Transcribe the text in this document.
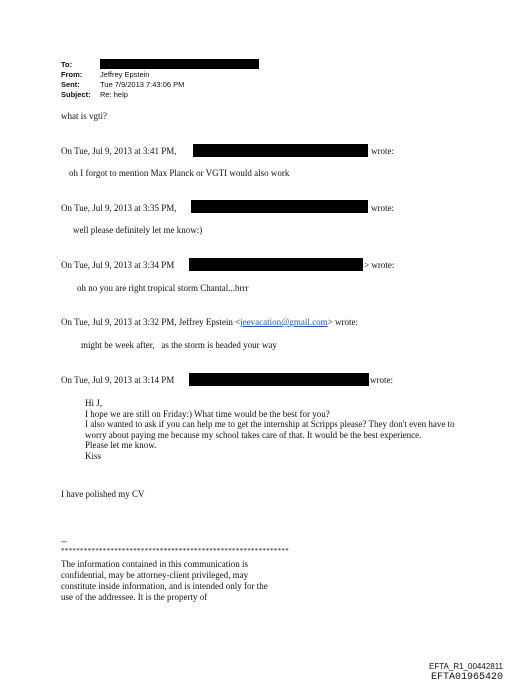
To:
From: Jeffrey Epstein
Sent:	Tue 7/9/2013 7:43:06 PM
Subject: Re: help
what is vgti?
On Tue, Jul 9, 2013 at 3:41 PM,	wrote:
oh I forgot to mention Max Planck or VGTI would also work
On Tue, Jul 9, 2013 at 3:35 PM,	wrote:
well please definitely let me know:)
On Tue, Jul 9, 2013 at 3:34 PM	> wrote:
oh no you are right tropical storm Chantal...brrr
On Tue, Jul 9, 2013 at 3:32 PM, Jeffrey Epstein <jeevacation@gmail.com> wrote:
might be week after,   as the storm is headed your way
On Tue, Jul 9, 2013 at 3:14 PM	wrote:
Hi J,
I hope we are still on Friday:) What time would be the best for you?
I also wanted to ask if you can help me to get the internship at Scripps please? They don't even have to worry about paying me because my school takes care of that. It would be the best experience.
Please let me know.
Kiss
I have polished my CV
--
************************************************************
The information contained in this communication is confidential, may be attorney-client privileged, may constitute inside information, and is intended only for the use of the addressee. It is the property of
EFTA_R1_00442811
EFTA01965420
